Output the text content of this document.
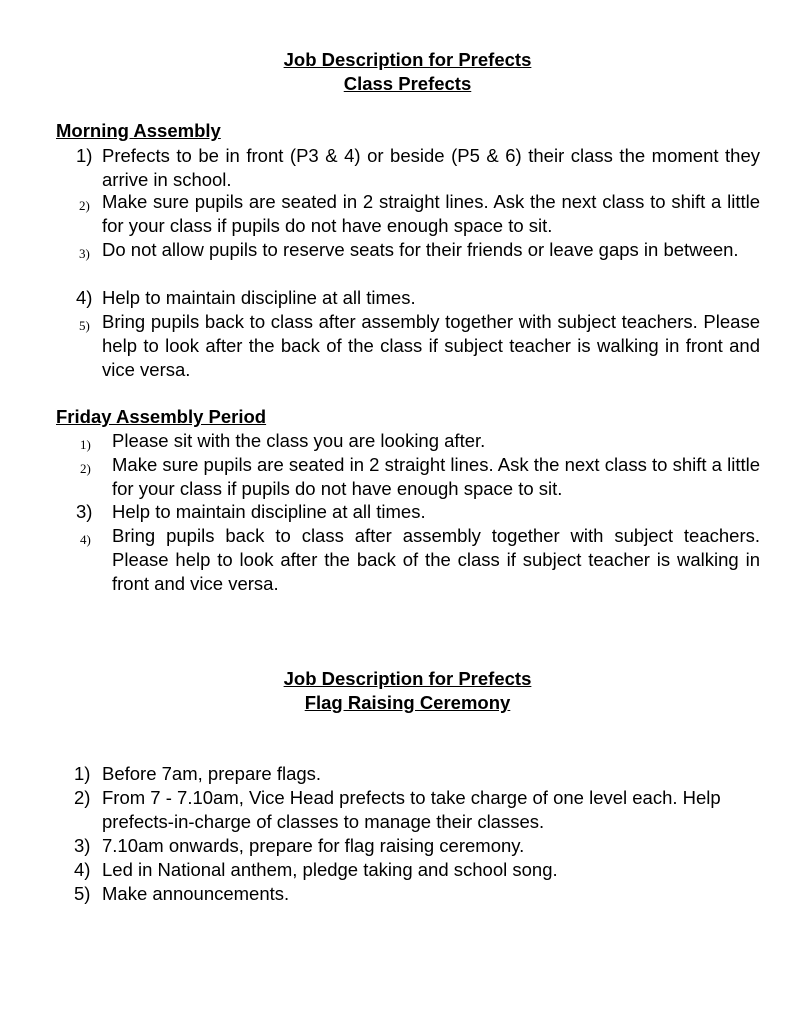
Job Description for Prefects
Class Prefects
Morning Assembly
1) Prefects to be in front (P3 & 4) or beside (P5 & 6) their class the moment they arrive in school.
2) Make sure pupils are seated in 2 straight lines. Ask the next class to shift a little for your class if pupils do not have enough space to sit.
3) Do not allow pupils to reserve seats for their friends or leave gaps in between.
4) Help to maintain discipline at all times.
5) Bring pupils back to class after assembly together with subject teachers. Please help to look after the back of the class if subject teacher is walking in front and vice versa.
Friday Assembly Period
1) Please sit with the class you are looking after.
2) Make sure pupils are seated in 2 straight lines. Ask the next class to shift a little for your class if pupils do not have enough space to sit.
3) Help to maintain discipline at all times.
4) Bring pupils back to class after assembly together with subject teachers. Please help to look after the back of the class if subject teacher is walking in front and vice versa.
Job Description for Prefects
Flag Raising Ceremony
1) Before 7am, prepare flags.
2) From 7 - 7.10am, Vice Head prefects to take charge of one level each. Help prefects-in-charge of classes to manage their classes.
3) 7.10am onwards, prepare for flag raising ceremony.
4) Led in National anthem, pledge taking and school song.
5) Make announcements.
